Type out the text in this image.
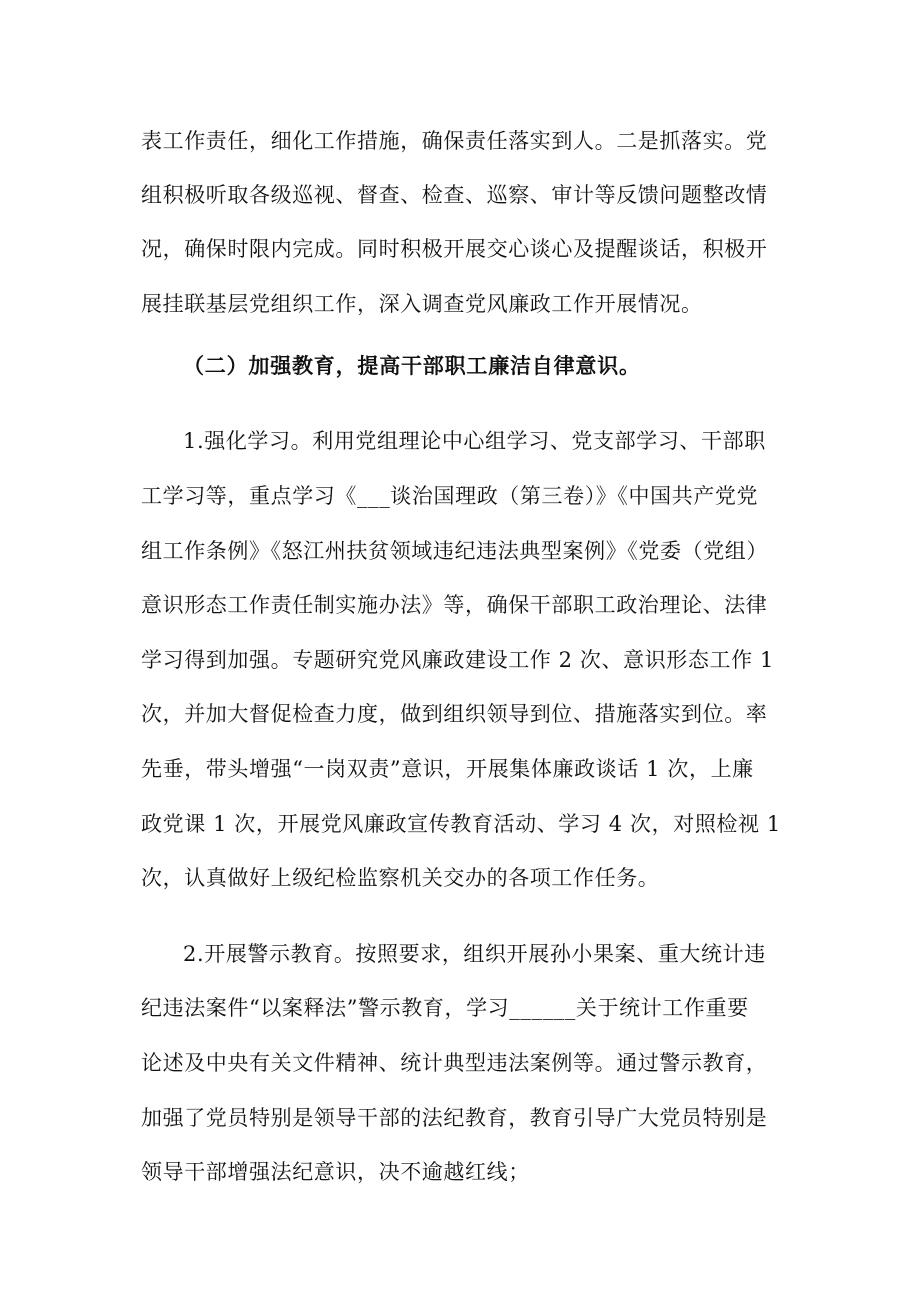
表工作责任，细化工作措施，确保责任落实到人。二是抓落实。党
组积极听取各级巡视、督查、检查、巡察、审计等反馈问题整改情
况，确保时限内完成。同时积极开展交心谈心及提醒谈话，积极开
展挂联基层党组织工作，深入调查党风廉政工作开展情况。
（二）加强教育，提高干部职工廉洁自律意识。
1.强化学习。利用党组理论中心组学习、党支部学习、干部职
工学习等，重点学习《___谈治国理政（第三卷）》《中国共产党党
组工作条例》《怒江州扶贫领域违纪违法典型案例》《党委（党组）
意识形态工作责任制实施办法》等，确保干部职工政治理论、法律
学习得到加强。专题研究党风廉政建设工作 2 次、意识形态工作 1
次，并加大督促检查力度，做到组织领导到位、措施落实到位。率
先垂，带头增强“一岗双责”意识，开展集体廉政谈话 1 次，上廉
政党课 1 次，开展党风廉政宣传教育活动、学习 4 次，对照检视 1
次，认真做好上级纪检监察机关交办的各项工作任务。
2.开展警示教育。按照要求，组织开展孙小果案、重大统计违
纪违法案件“以案释法”警示教育，学习______关于统计工作重要
论述及中央有关文件精神、统计典型违法案例等。通过警示教育，
加强了党员特别是领导干部的法纪教育，教育引导广大党员特别是
领导干部增强法纪意识，决不逾越红线；
